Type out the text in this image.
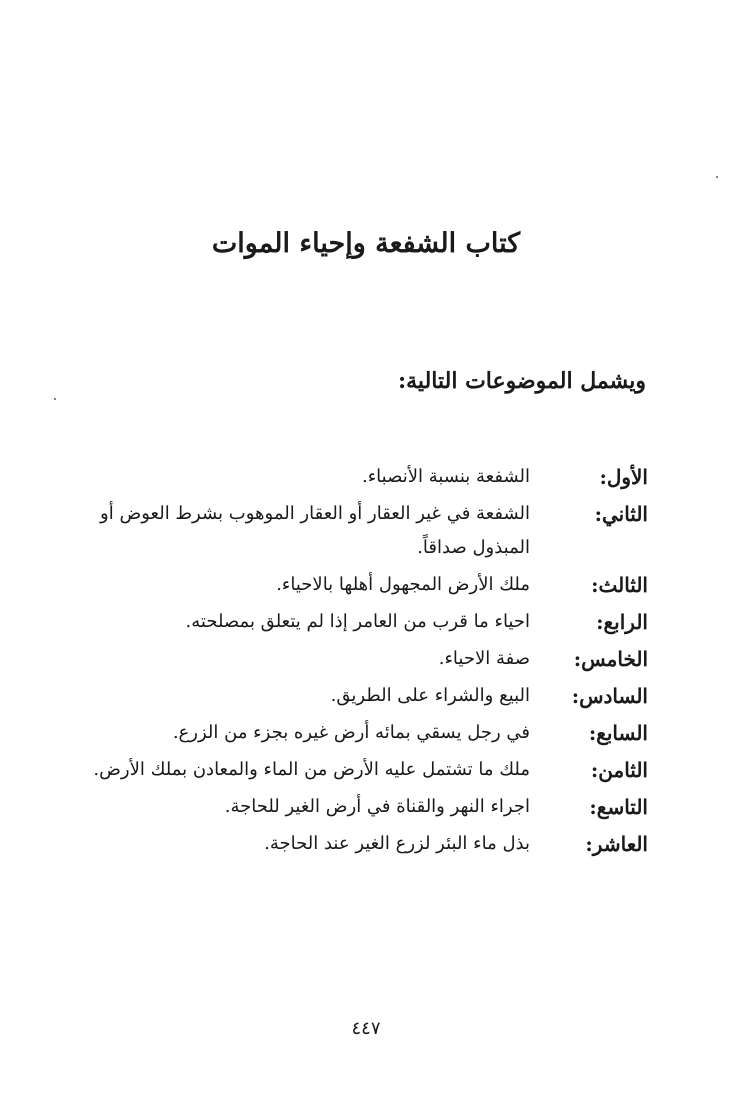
كتاب الشفعة وإحياء الموات
ويشمل الموضوعات التالية:
الأول:
الشفعة بنسبة الأنصباء.
الثاني:
الشفعة في غير العقار أو العقار الموهوب بشرط العوض أو المبذول صداقاً.
الثالث:
ملك الأرض المجهول أهلها بالاحياء.
الرابع:
احياء ما قرب من العامر إذا لم يتعلق بمصلحته.
الخامس:
صفة الاحياء.
السادس:
البيع والشراء على الطريق.
السابع:
في رجل يسقي بمائه أرض غيره بجزء من الزرع.
الثامن:
ملك ما تشتمل عليه الأرض من الماء والمعادن بملك الأرض.
التاسع:
اجراء النهر والقناة في أرض الغير للحاجة.
العاشر:
بذل ماء البئر لزرع الغير عند الحاجة.
٤٤٧
